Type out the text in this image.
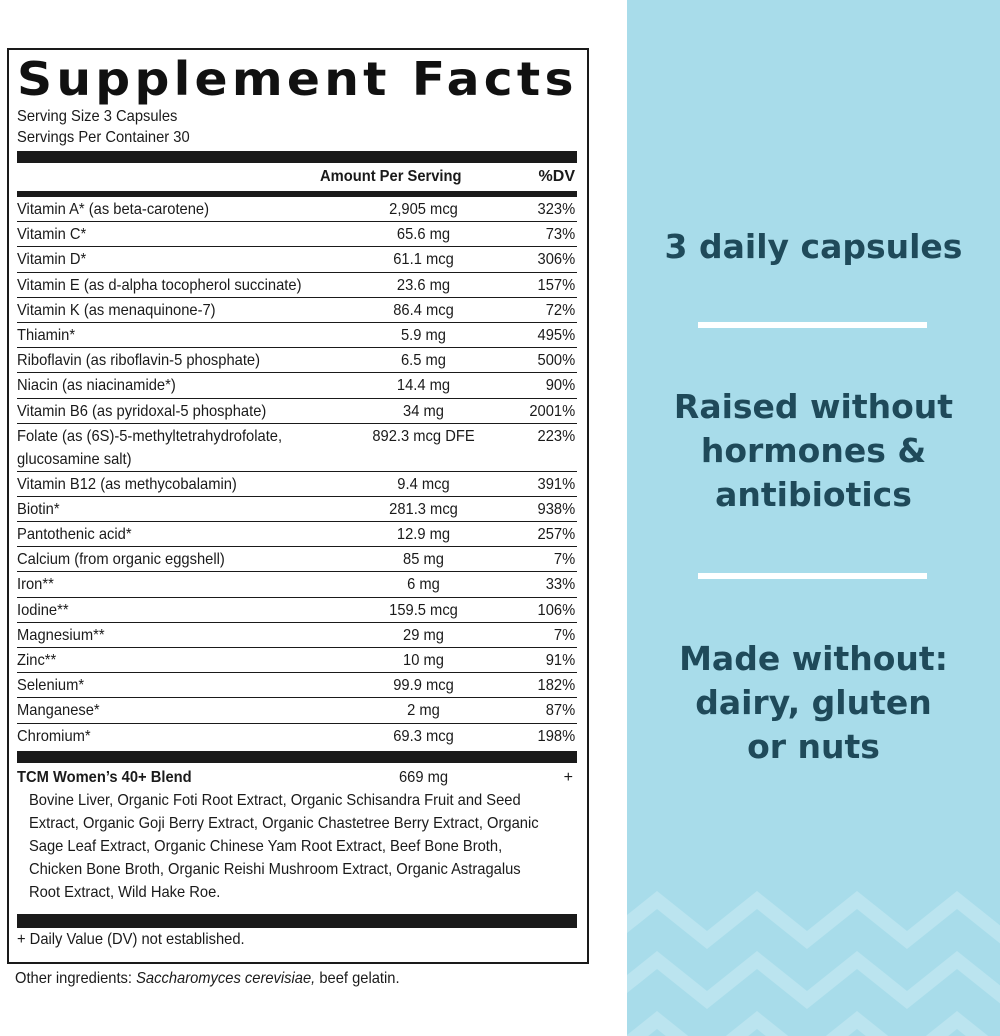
Supplement Facts
Serving Size 3 Capsules
Servings Per Container 30
Amount Per Serving	%DV
Vitamin A* (as beta-carotene)	2,905 mcg	323%
Vitamin C*	65.6 mg	73%
Vitamin D*	61.1 mcg	306%
Vitamin E (as d-alpha tocopherol succinate)	23.6 mg	157%
Vitamin K (as menaquinone-7)	86.4 mcg	72%
Thiamin*	5.9 mg	495%
Riboflavin (as riboflavin-5 phosphate)	6.5 mg	500%
Niacin (as niacinamide*)	14.4 mg	90%
Vitamin B6 (as pyridoxal-5 phosphate)	34 mg	2001%
Folate (as (6S)-5-methyltetrahydrofolate,
glucosamine salt)
892.3 mcg DFE	223%
Vitamin B12 (as methycobalamin)	9.4 mcg	391%
Biotin*	281.3 mcg	938%
Pantothenic acid*	12.9 mg	257%
Calcium (from organic eggshell)	85 mg	7%
Iron**	6 mg	33%
Iodine**	159.5 mcg	106%
Magnesium**	29 mg	7%
Zinc**	10 mg	91%
Selenium*	99.9 mcg	182%
Manganese*	2 mg	87%
Chromium*	69.3 mcg	198%
TCM Women’s 40+ Blend	669 mg	+
Bovine Liver, Organic Foti Root Extract, Organic Schisandra Fruit and Seed Extract, Organic Goji Berry Extract, Organic Chastetree Berry Extract, Organic Sage Leaf Extract, Organic Chinese Yam Root Extract, Beef Bone Broth, Chicken Bone Broth, Organic Reishi Mushroom Extract, Organic Astragalus Root Extract, Wild Hake Roe.
+ Daily Value (DV) not established.
Other ingredients: Saccharomyces cerevisiae, beef gelatin.
3 daily capsules
Raised without
hormones &
antibiotics
Made without:
dairy, gluten
or nuts
